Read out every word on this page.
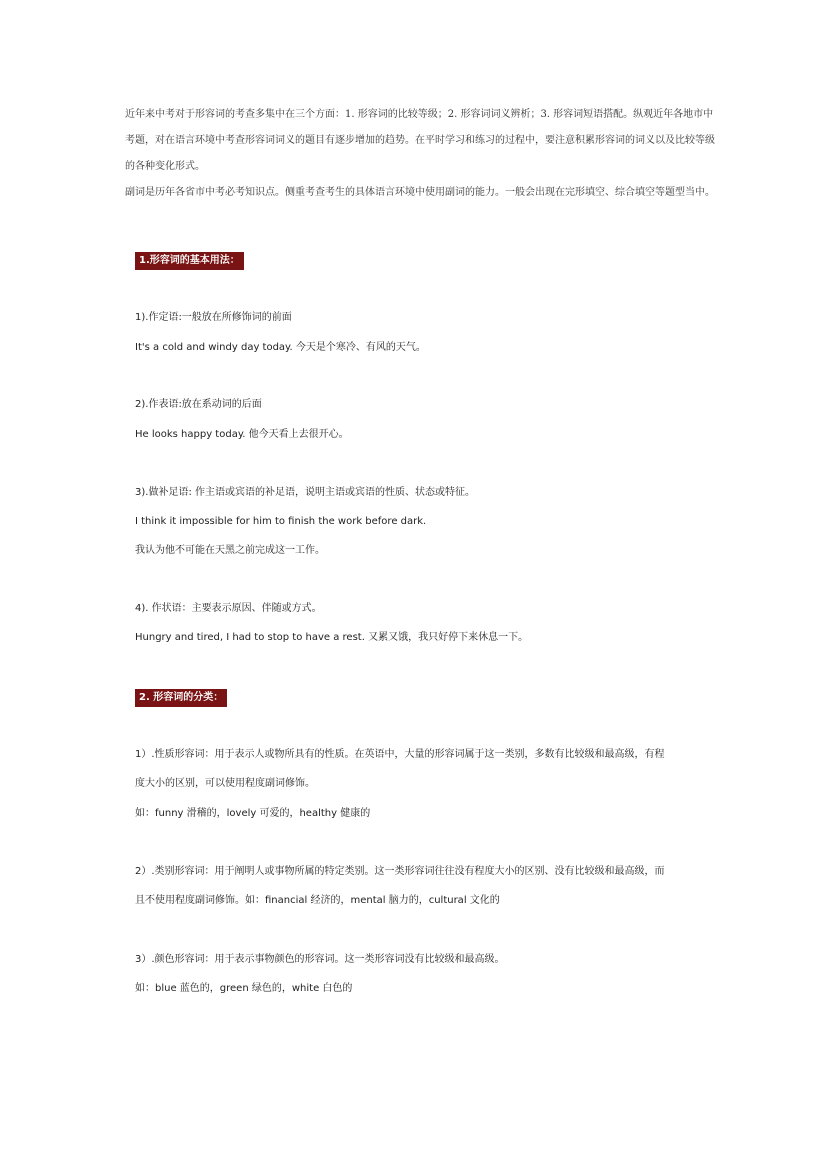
近年来中考对于形容词的考查多集中在三个方面：1. 形容词的比较等级；2. 形容词词义辨析；3. 形容词短语搭配。纵观近年各地市中考题，对在语言环境中考查形容词词义的题目有逐步增加的趋势。在平时学习和练习的过程中，要注意积累形容词的词义以及比较等级的各种变化形式。

副词是历年各省市中考必考知识点。侧重考查考生的具体语言环境中使用副词的能力。一般会出现在完形填空、综合填空等题型当中。

1.形容词的基本用法：
1).作定语:一般放在所修饰词的前面
It's a cold and windy day today. 今天是个寒冷、有风的天气。
2).作表语:放在系动词的后面
He looks happy today. 他今天看上去很开心。
3).做补足语: 作主语或宾语的补足语，说明主语或宾语的性质、状态或特征。
I think it impossible for him to finish the work before dark.
我认为他不可能在天黑之前完成这一工作。
4). 作状语：主要表示原因、伴随或方式。
Hungry and tired, I had to stop to have a rest. 又累又饿，我只好停下来休息一下。
2. 形容词的分类：
1）.性质形容词：用于表示人或物所具有的性质。在英语中，大量的形容词属于这一类别，多数有比较级和最高级，有程
度大小的区别，可以使用程度副词修饰。
如：funny 滑稽的，lovely 可爱的，healthy 健康的
2）.类别形容词：用于阐明人或事物所属的特定类别。这一类形容词往往没有程度大小的区别、没有比较级和最高级，而
且不使用程度副词修饰。如：financial 经济的，mental 脑力的，cultural 文化的
3）.颜色形容词：用于表示事物颜色的形容词。这一类形容词没有比较级和最高级。
如：blue 蓝色的，green 绿色的，white 白色的
